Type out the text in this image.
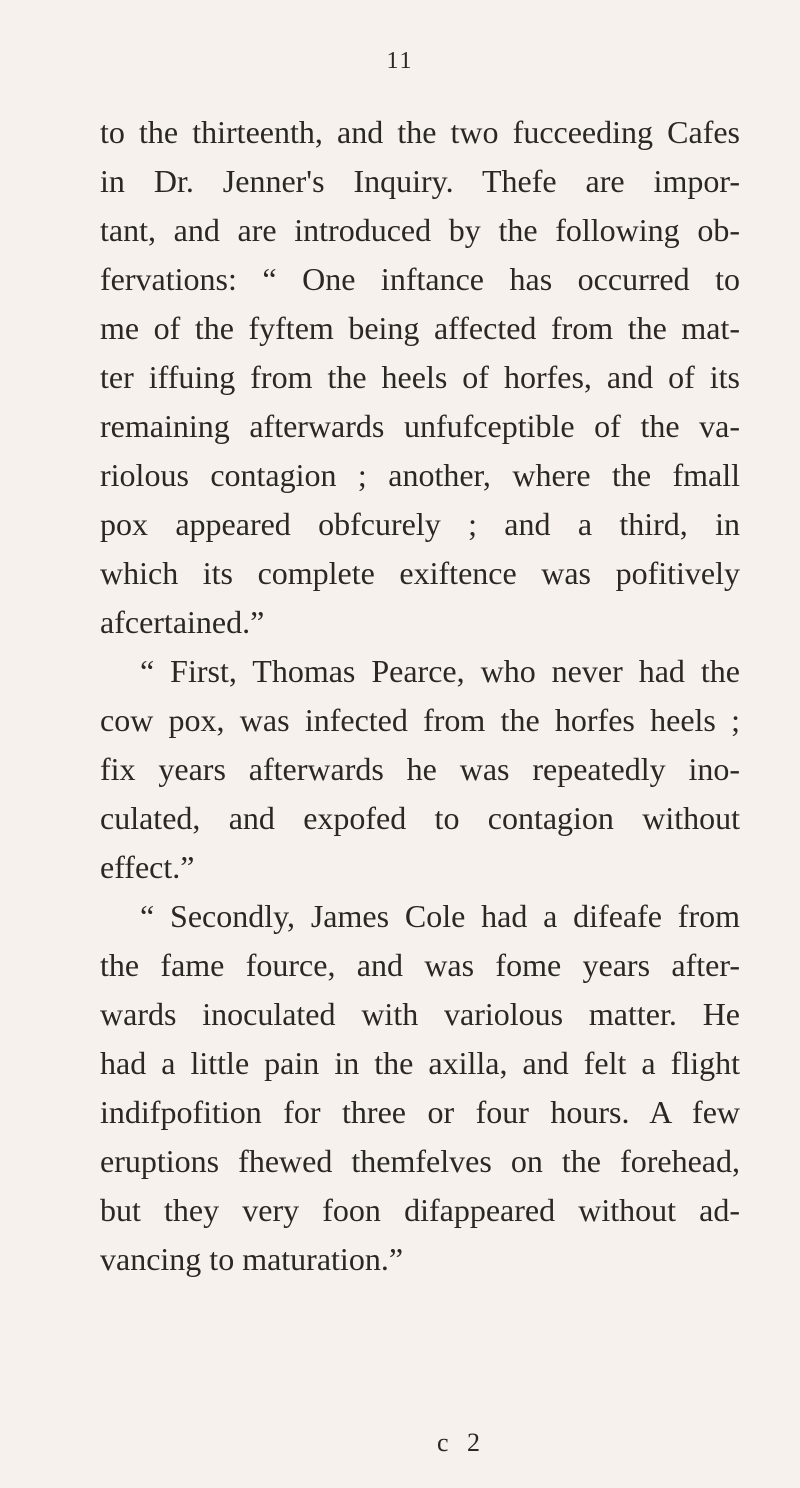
11
to the thirteenth, and the two fucceeding Cafes
in Dr. Jenner's Inquiry. Thefe are impor-
tant, and are introduced by the following ob-
fervations: “ One inftance has occurred to
me of the fyftem being affected from the mat-
ter iffuing from the heels of horfes, and of its
remaining afterwards unfufceptible of the va-
riolous contagion ; another, where the fmall
pox appeared obfcurely ; and a third, in
which its complete exiftence was pofitively
afcertained.”
“ First, Thomas Pearce, who never had the
cow pox, was infected from the horfes heels ;
fix years afterwards he was repeatedly ino-
culated, and expofed to contagion without
effect.”
“ Secondly, James Cole had a difeafe from
the fame fource, and was fome years after-
wards inoculated with variolous matter. He
had a little pain in the axilla, and felt a flight
indifpofition for three or four hours. A few
eruptions fhewed themfelves on the forehead,
but they very foon difappeared without ad-
vancing to maturation.”
c 2
